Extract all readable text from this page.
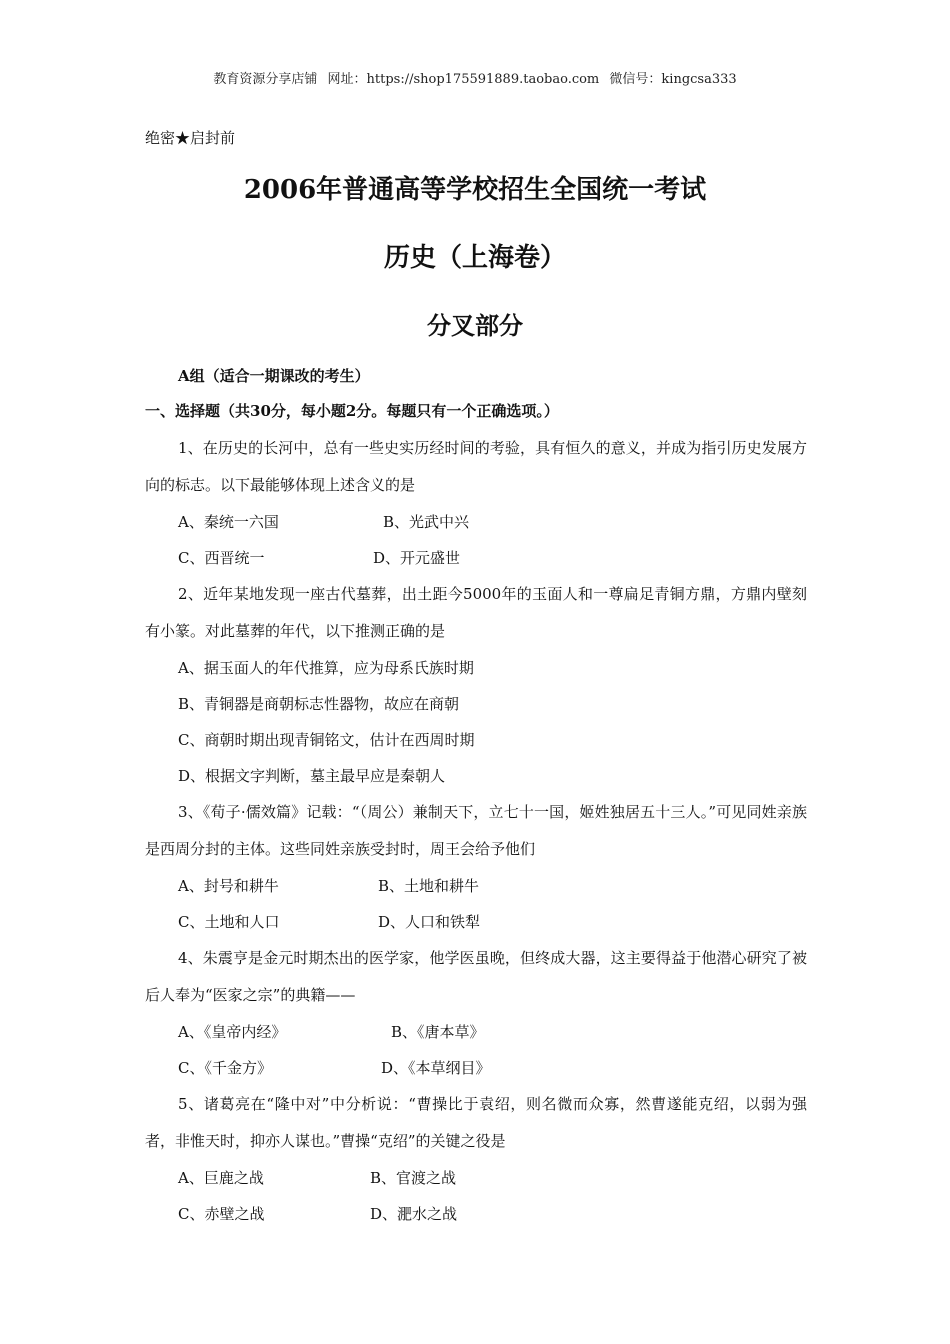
教育资源分享店铺 网址：https://shop175591889.taobao.com 微信号：kingcsa333
绝密★启封前
2006年普通高等学校招生全国统一考试
历史（上海卷）
分叉部分
A组（适合一期课改的考生）
一、选择题（共30分，每小题2分。每题只有一个正确选项。）

1、在历史的长河中，总有一些史实历经时间的考验，具有恒久的意义，并成为指引历史发展方向的标志。以下最能够体现上述含义的是

A、秦统一六国	B、光武中兴
C、西晋统一	D、开元盛世

2、近年某地发现一座古代墓葬，出土距今5000年的玉面人和一尊扁足青铜方鼎，方鼎内壁刻有小篆。对此墓葬的年代，以下推测正确的是

A、据玉面人的年代推算，应为母系氏族时期
B、青铜器是商朝标志性器物，故应在商朝
C、商朝时期出现青铜铭文，估计在西周时期
D、根据文字判断，墓主最早应是秦朝人

3、《荀子·儒效篇》记载：“（周公）兼制天下，立七十一国，姬姓独居五十三人。”可见同姓亲族是西周分封的主体。这些同姓亲族受封时，周王会给予他们

A、封号和耕牛	B、土地和耕牛
C、土地和人口	D、人口和铁犁

4、朱震亨是金元时期杰出的医学家，他学医虽晚，但终成大器，这主要得益于他潜心研究了被后人奉为“医家之宗”的典籍——

A、《皇帝内经》	B、《唐本草》
C、《千金方》	D、《本草纲目》

5、诸葛亮在“隆中对”中分析说：“曹操比于袁绍，则名微而众寡，然曹遂能克绍，以弱为强者，非惟天时，抑亦人谋也。”曹操“克绍”的关键之役是

A、巨鹿之战	B、官渡之战
C、赤壁之战	D、淝水之战
